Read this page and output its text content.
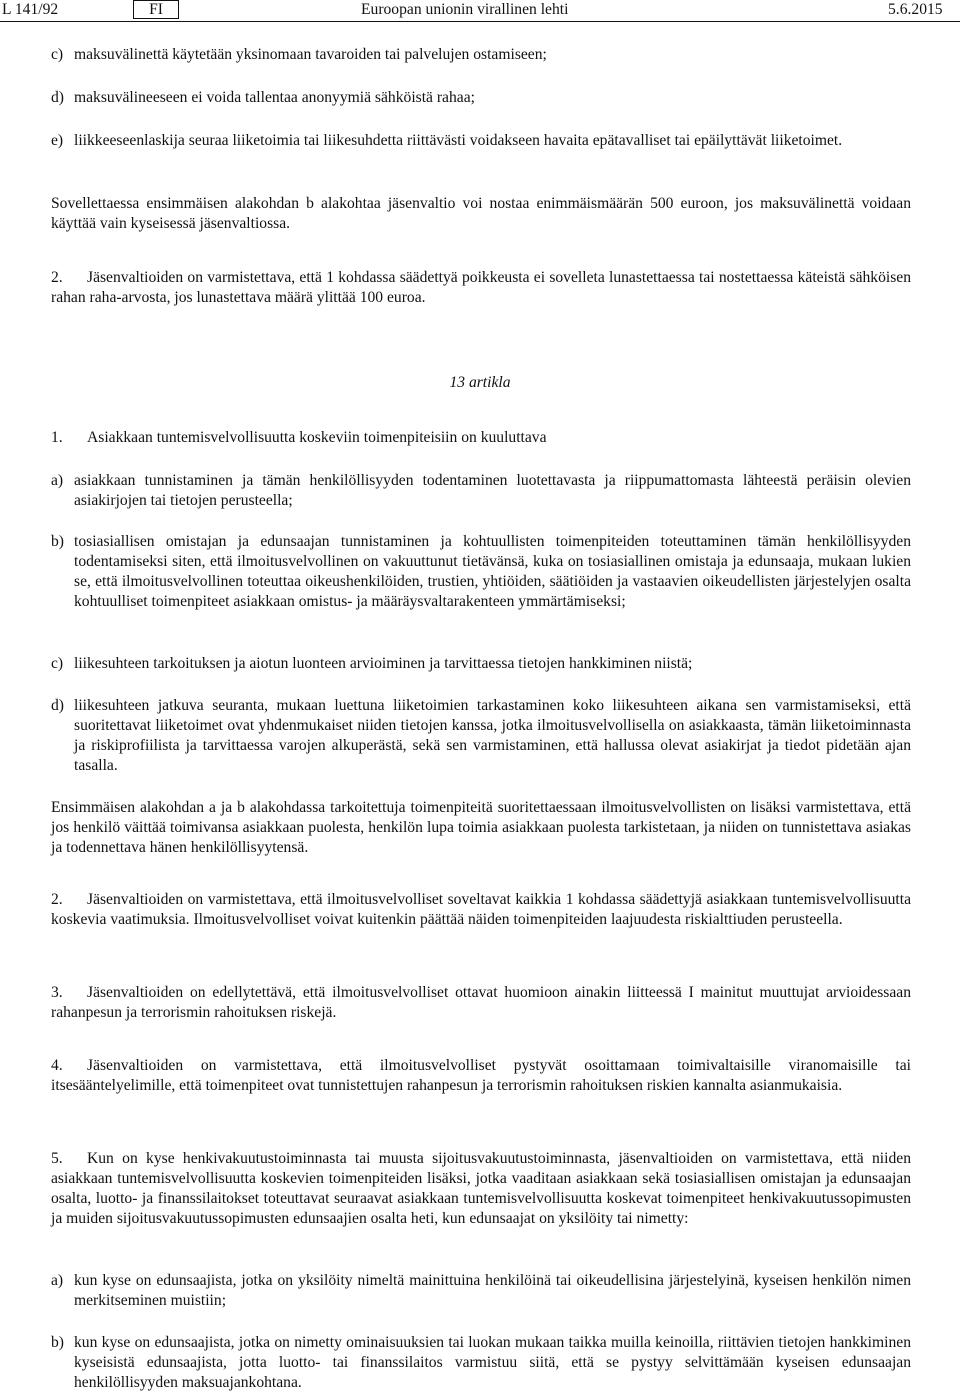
L 141/92	FI	Euroopan unionin virallinen lehti	5.6.2015
c) maksuvälinettä käytetään yksinomaan tavaroiden tai palvelujen ostamiseen;
d) maksuvälineeseen ei voida tallentaa anonyymiä sähköistä rahaa;
e) liikkeeseenlaskija seuraa liiketoimia tai liikesuhdetta riittävästi voidakseen havaita epätavalliset tai epäilyttävät liiketoimet.

Sovellettaessa ensimmäisen alakohdan b alakohtaa jäsenvaltio voi nostaa enimmäismäärän 500 euroon, jos maksuvälinettä voidaan käyttää vain kyseisessä jäsenvaltiossa.

2. Jäsenvaltioiden on varmistettava, että 1 kohdassa säädettyä poikkeusta ei sovelleta lunastettaessa tai nostettaessa käteistä sähköisen rahan raha-arvosta, jos lunastettava määrä ylittää 100 euroa.

13 artikla

1. Asiakkaan tuntemisvelvollisuutta koskeviin toimenpiteisiin on kuuluttava

a) asiakkaan tunnistaminen ja tämän henkilöllisyyden todentaminen luotettavasta ja riippumattomasta lähteestä peräisin olevien asiakirjojen tai tietojen perusteella;
b) tosiasiallisen omistajan ja edunsaajan tunnistaminen ja kohtuullisten toimenpiteiden toteuttaminen tämän henkilöllisyyden todentamiseksi siten, että ilmoitusvelvollinen on vakuuttunut tietävänsä, kuka on tosiasiallinen omistaja ja edunsaaja, mukaan lukien se, että ilmoitusvelvollinen toteuttaa oikeushenkilöiden, trustien, yhtiöiden, säätiöiden ja vastaavien oikeudellisten järjestelyjen osalta kohtuulliset toimenpiteet asiakkaan omistus- ja määräysvaltarakenteen ymmärtämiseksi;
c) liikesuhteen tarkoituksen ja aiotun luonteen arvioiminen ja tarvittaessa tietojen hankkiminen niistä;
d) liikesuhteen jatkuva seuranta, mukaan luettuna liiketoimien tarkastaminen koko liikesuhteen aikana sen varmistamiseksi, että suoritettavat liiketoimet ovat yhdenmukaiset niiden tietojen kanssa, jotka ilmoitusvelvollisella on asiakkaasta, tämän liiketoiminnasta ja riskiprofiilista ja tarvittaessa varojen alkuperästä, sekä sen varmistaminen, että hallussa olevat asiakirjat ja tiedot pidetään ajan tasalla.

Ensimmäisen alakohdan a ja b alakohdassa tarkoitettuja toimenpiteitä suoritettaessaan ilmoitusvelvollisten on lisäksi varmistettava, että jos henkilö väittää toimivansa asiakkaan puolesta, henkilön lupa toimia asiakkaan puolesta tarkistetaan, ja niiden on tunnistettava asiakas ja todennettava hänen henkilöllisyytensä.

2. Jäsenvaltioiden on varmistettava, että ilmoitusvelvolliset soveltavat kaikkia 1 kohdassa säädettyjä asiakkaan tuntemisvelvollisuutta koskevia vaatimuksia. Ilmoitusvelvolliset voivat kuitenkin päättää näiden toimenpiteiden laajuudesta riskialttiuden perusteella.

3. Jäsenvaltioiden on edellytettävä, että ilmoitusvelvolliset ottavat huomioon ainakin liitteessä I mainitut muuttujat arvioidessaan rahanpesun ja terrorismin rahoituksen riskejä.

4. Jäsenvaltioiden on varmistettava, että ilmoitusvelvolliset pystyvät osoittamaan toimivaltaisille viranomaisille tai itsesääntelyelimille, että toimenpiteet ovat tunnistettujen rahanpesun ja terrorismin rahoituksen riskien kannalta asianmukaisia.

5. Kun on kyse henkivakuutustoiminnasta tai muusta sijoitusvakuutustoiminnasta, jäsenvaltioiden on varmistettava, että niiden asiakkaan tuntemisvelvollisuutta koskevien toimenpiteiden lisäksi, jotka vaaditaan asiakkaan sekä tosiasiallisen omistajan ja edunsaajan osalta, luotto- ja finanssilaitokset toteuttavat seuraavat asiakkaan tuntemisvelvollisuutta koskevat toimenpiteet henkivakuutussopimusten ja muiden sijoitusvakuutussopimusten edunsaajien osalta heti, kun edunsaajat on yksilöity tai nimetty:

a) kun kyse on edunsaajista, jotka on yksilöity nimeltä mainittuina henkilöinä tai oikeudellisina järjestelyinä, kyseisen henkilön nimen merkitseminen muistiin;
b) kun kyse on edunsaajista, jotka on nimetty ominaisuuksien tai luokan mukaan taikka muilla keinoilla, riittävien tietojen hankkiminen kyseisistä edunsaajista, jotta luotto- tai finanssilaitos varmistuu siitä, että se pystyy selvittämään kyseisen edunsaajan henkilöllisyyden maksuajankohtana.
